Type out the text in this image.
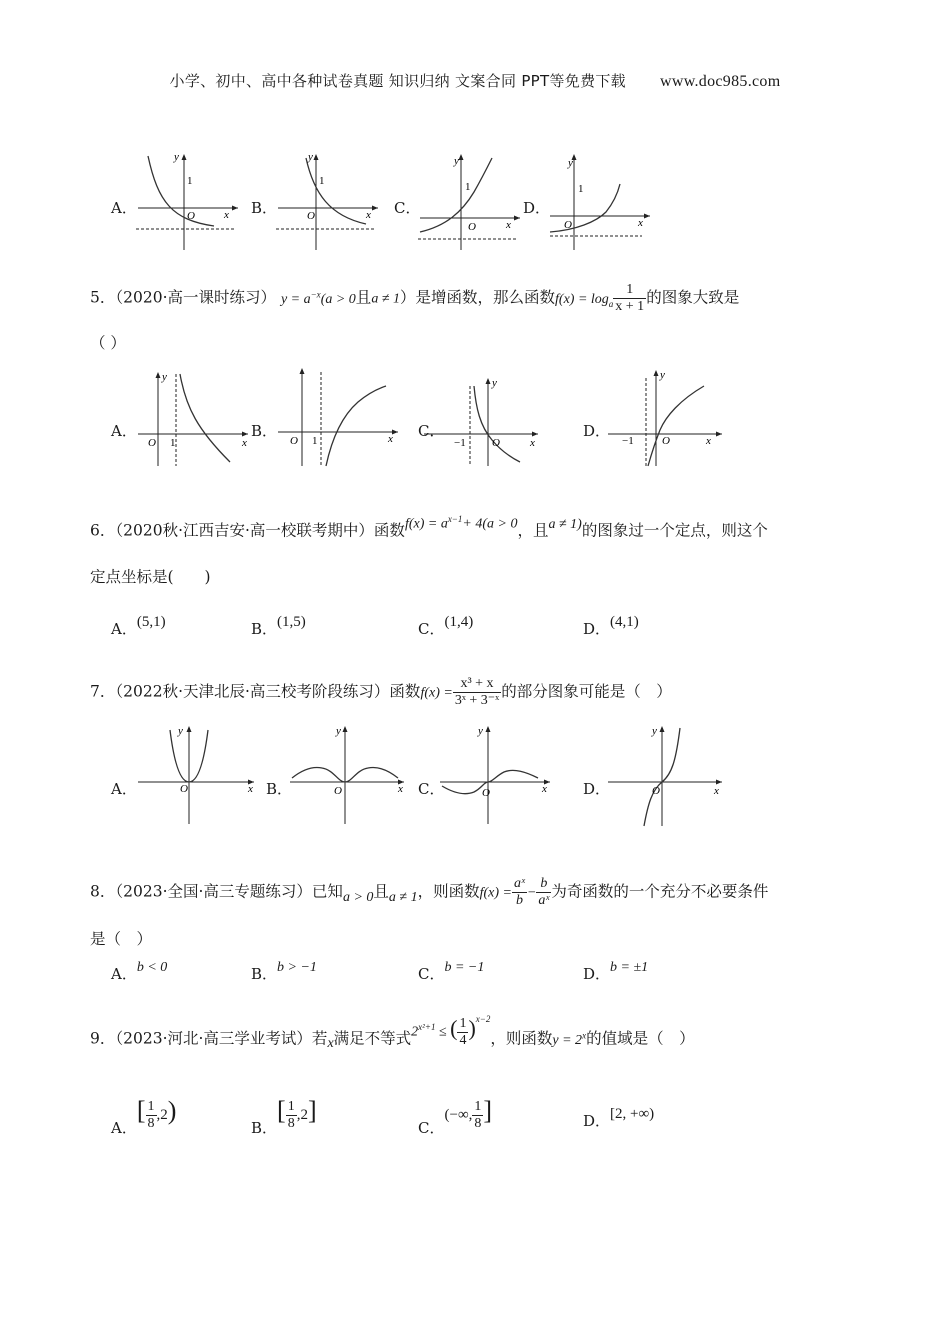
小学、初中、高中各种试卷真题 知识归纳 文案合同 PPT等免费下载 www.doc985.com
A．
y
x
O
1
B．
y
x
O
1
C．
y
x
O
1
D．
y
x
O
1
5．（2020·高一课时练习） $y = a^{-x}(a > 0$且a ≠ 1）是增函数，那么函数$f(x) = \log_a \frac{1}{x + 1}$ 的图象大致是
（ ）
A．
y
x
O 1
B．
O 1	x C．
y
x
O
−1
D．
y
x
O
−1
6．（2020秋·江西吉安·高一校联考期中）函数$f(x) = a^{x-1}+ 4(a > 0$，且a ≠ 1)的图象过一个定点，则这个
定点坐标是(　　)
A．(5,1)	B．(1,5)	C．(1,4)	D．(4,1)
7．（2022秋·天津北辰·高三校考阶段练习）函数$f(x) = \frac{\text{x³ + x}}{\text{3ˣ + 3⁻ˣ}}$ 的部分图象可能是（　）
A．
y
x
O	B．
y
x
O	C．
y
x
O	D．
y
x
O
8．（2023·全国·高三专题练习）已知a > 0且a ≠ 1，则函数$f(x) = \frac{\text{aˣ}}{b} - \frac{b}{\text{aˣ}}$ 为奇函数的一个充分不必要条件
是（　）
A．b < 0	B．b > −1	C．b = −1	D．b = ±1
9．（2023·河北·高三学业考试）若x满足不等式$2^{x^2+1}$ ≤ ( $\frac{1}{4} )^{x-2}$，则函数$y = 2^x$的值域是（　）
A．[ $\frac{1}{8} ,2$)
B．[ $\frac{1}{8} ,2$]
C．(−∞, $\frac{1}{8}$ ]	D．[2, +∞)
